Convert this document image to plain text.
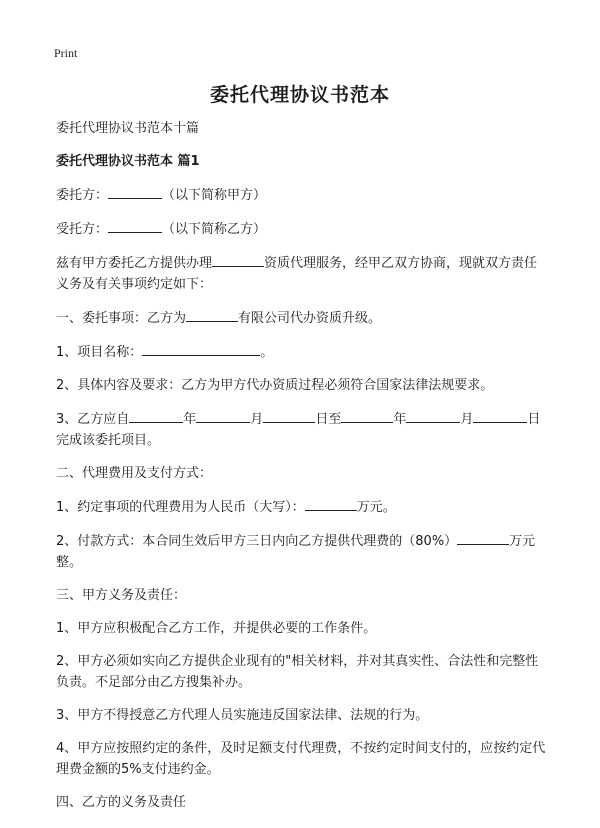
Print
委托代理协议书范本

委托代理协议书范本十篇

委托代理协议书范本 篇1

委托方：	（以下简称甲方）

受托方：	（以下简称乙方）

兹有甲方委托乙方提供办理	资质代理服务，经甲乙双方协商，现就双方责任义务及有关事项约定如下：

一、委托事项：乙方为	有限公司代办资质升级。

1、项目名称：	。

2、具体内容及要求：乙方为甲方代办资质过程必须符合国家法律法规要求。

3、乙方应自	年	月	日至	年	月	日完成该委托项目。

二、代理费用及支付方式：

1、约定事项的代理费用为人民币（大写）：	万元。

2、付款方式：本合同生效后甲方三日内向乙方提供代理费的（80%）	万元整。

三、甲方义务及责任：

1、甲方应积极配合乙方工作，并提供必要的工作条件。

2、甲方必须如实向乙方提供企业现有的"相关材料，并对其真实性、合法性和完整性负责。不足部分由乙方搜集补办。

3、甲方不得授意乙方代理人员实施违反国家法律、法规的行为。

4、甲方应按照约定的条件，及时足额支付代理费，不按约定时间支付的，应按约定代理费金额的5%支付违约金。

四、乙方的义务及责任
